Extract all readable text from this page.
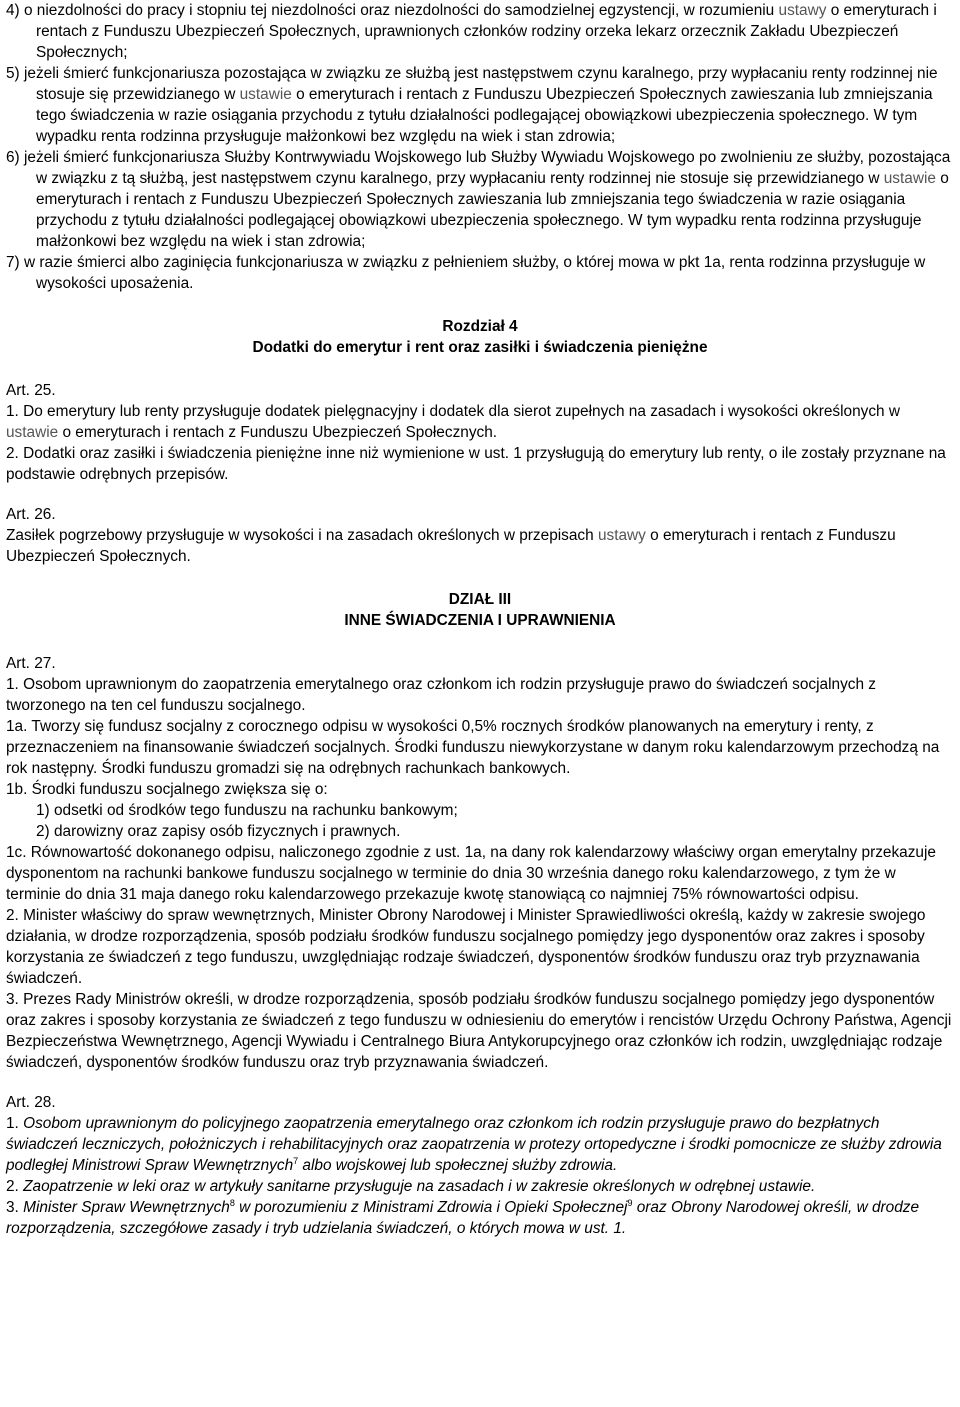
4) o niezdolności do pracy i stopniu tej niezdolności oraz niezdolności do samodzielnej egzystencji, w rozumieniu ustawy o emeryturach i rentach z Funduszu Ubezpieczeń Społecznych, uprawnionych członków rodziny orzeka lekarz orzecznik Zakładu Ubezpieczeń Społecznych;

5) jeżeli śmierć funkcjonariusza pozostająca w związku ze służbą jest następstwem czynu karalnego, przy wypłacaniu renty rodzinnej nie stosuje się przewidzianego w ustawie o emeryturach i rentach z Funduszu Ubezpieczeń Społecznych zawieszania lub zmniejszania tego świadczenia w razie osiągania przychodu z tytułu działalności podlegającej obowiązkowi ubezpieczenia społecznego. W tym wypadku renta rodzinna przysługuje małżonkowi bez względu na wiek i stan zdrowia;

6) jeżeli śmierć funkcjonariusza Służby Kontrwywiadu Wojskowego lub Służby Wywiadu Wojskowego po zwolnieniu ze służby, pozostająca w związku z tą służbą, jest następstwem czynu karalnego, przy wypłacaniu renty rodzinnej nie stosuje się przewidzianego w ustawie o emeryturach i rentach z Funduszu Ubezpieczeń Społecznych zawieszania lub zmniejszania tego świadczenia w razie osiągania przychodu z tytułu działalności podlegającej obowiązkowi ubezpieczenia społecznego. W tym wypadku renta rodzinna przysługuje małżonkowi bez względu na wiek i stan zdrowia;

7) w razie śmierci albo zaginięcia funkcjonariusza w związku z pełnieniem służby, o której mowa w pkt 1a, renta rodzinna przysługuje w wysokości uposażenia.

Rozdział 4

Dodatki do emerytur i rent oraz zasiłki i świadczenia pieniężne

Art. 25.

1. Do emerytury lub renty przysługuje dodatek pielęgnacyjny i dodatek dla sierot zupełnych na zasadach i wysokości określonych w ustawie o emeryturach i rentach z Funduszu Ubezpieczeń Społecznych.

2. Dodatki oraz zasiłki i świadczenia pieniężne inne niż wymienione w ust. 1 przysługują do emerytury lub renty, o ile zostały przyznane na podstawie odrębnych przepisów.

Art. 26.

Zasiłek pogrzebowy przysługuje w wysokości i na zasadach określonych w przepisach ustawy o emeryturach i rentach z Funduszu Ubezpieczeń Społecznych.

DZIAŁ III

INNE ŚWIADCZENIA I UPRAWNIENIA

Art. 27.

1. Osobom uprawnionym do zaopatrzenia emerytalnego oraz członkom ich rodzin przysługuje prawo do świadczeń socjalnych z tworzonego na ten cel funduszu socjalnego.

1a. Tworzy się fundusz socjalny z corocznego odpisu w wysokości 0,5% rocznych środków planowanych na emerytury i renty, z przeznaczeniem na finansowanie świadczeń socjalnych. Środki funduszu niewykorzystane w danym roku kalendarzowym przechodzą na rok następny. Środki funduszu gromadzi się na odrębnych rachunkach bankowych.

1b. Środki funduszu socjalnego zwiększa się o:

1) odsetki od środków tego funduszu na rachunku bankowym;

2) darowizny oraz zapisy osób fizycznych i prawnych.

1c. Równowartość dokonanego odpisu, naliczonego zgodnie z ust. 1a, na dany rok kalendarzowy właściwy organ emerytalny przekazuje dysponentom na rachunki bankowe funduszu socjalnego w terminie do dnia 30 września danego roku kalendarzowego, z tym że w terminie do dnia 31 maja danego roku kalendarzowego przekazuje kwotę stanowiącą co najmniej 75% równowartości odpisu.

2. Minister właściwy do spraw wewnętrznych, Minister Obrony Narodowej i Minister Sprawiedliwości określą, każdy w zakresie swojego działania, w drodze rozporządzenia, sposób podziału środków funduszu socjalnego pomiędzy jego dysponentów oraz zakres i sposoby korzystania ze świadczeń z tego funduszu, uwzględniając rodzaje świadczeń, dysponentów środków funduszu oraz tryb przyznawania świadczeń.

3. Prezes Rady Ministrów określi, w drodze rozporządzenia, sposób podziału środków funduszu socjalnego pomiędzy jego dysponentów oraz zakres i sposoby korzystania ze świadczeń z tego funduszu w odniesieniu do emerytów i rencistów Urzędu Ochrony Państwa, Agencji Bezpieczeństwa Wewnętrznego, Agencji Wywiadu i Centralnego Biura Antykorupcyjnego oraz członków ich rodzin, uwzględniając rodzaje świadczeń, dysponentów środków funduszu oraz tryb przyznawania świadczeń.

Art. 28.

1. Osobom uprawnionym do policyjnego zaopatrzenia emerytalnego oraz członkom ich rodzin przysługuje prawo do bezpłatnych świadczeń leczniczych, położniczych i rehabilitacyjnych oraz zaopatrzenia w protezy ortopedyczne i środki pomocnicze ze służby zdrowia podległej Ministrowi Spraw Wewnętrznych$^7$ albo wojskowej lub społecznej służby zdrowia.

2. Zaopatrzenie w leki oraz w artykuły sanitarne przysługuje na zasadach i w zakresie określonych w odrębnej ustawie.

3. Minister Spraw Wewnętrznych$^8$ w porozumieniu z Ministrami Zdrowia i Opieki Społecznej$^9$ oraz Obrony Narodowej określi, w drodze rozporządzenia, szczegółowe zasady i tryb udzielania świadczeń, o których mowa w ust. 1.
